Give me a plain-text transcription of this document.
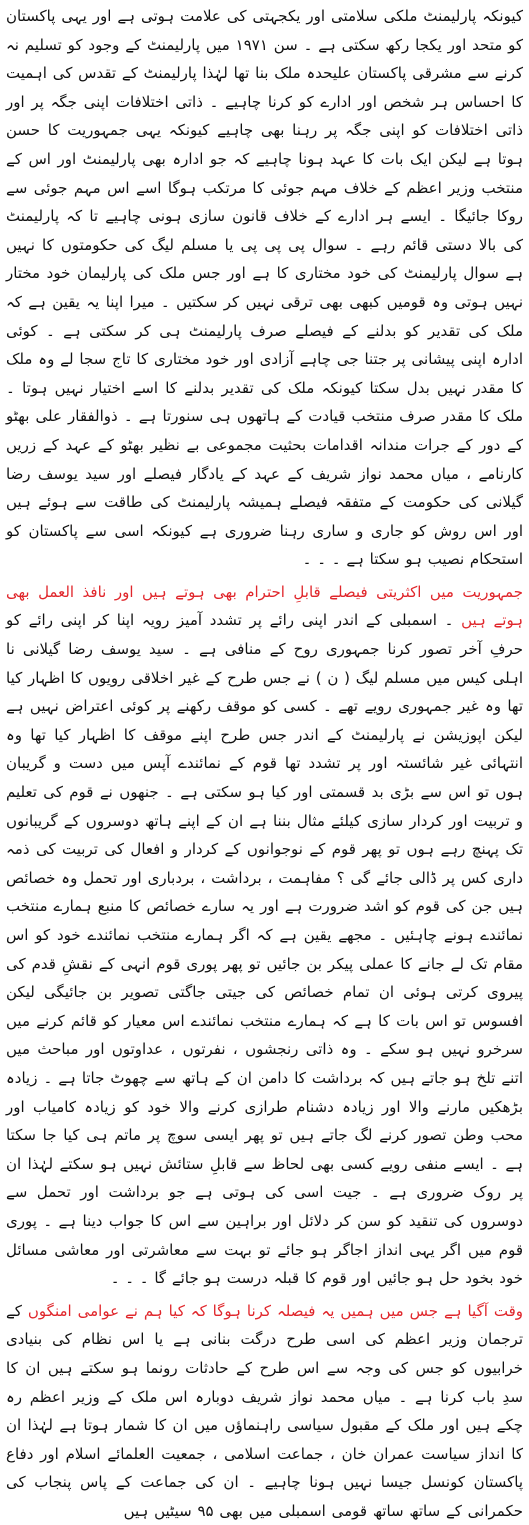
کیونکہ پارلیمنٹ ملکی سلامتی اور یکجہتی کی علامت ہوتی ہے اور یہی پاکستان کو متحد اور یکجا رکھ سکتی ہے ۔ سن ۱۹۷۱ میں پارلیمنٹ کے وجود کو تسلیم نہ کرنے سے مشرقی پاکستان علیحدہ ملک بنا تھا لہٰذا پارلیمنٹ کے تقدس کی اہمیت کا احساس ہر شخص اور ادارے کو کرنا چاہیے ۔ ذاتی اختلافات اپنی جگہ پر اور ذاتی اختلافات کو اپنی جگہ پر رہنا بھی چاہیے کیونکہ یہی جمہوریت کا حسن ہوتا ہے لیکن ایک بات کا عہد ہونا چاہیے کہ جو ادارہ بھی پارلیمنٹ اور اس کے منتخب وزیر اعظم کے خلاف مہم جوئی کا مرتکب ہوگا اسے اس مہم جوئی سے روکا جائیگا ۔ ایسے ہر ادارے کے خلاف قانون سازی ہونی چاہیے تا کہ پارلیمنٹ کی بالا دستی قائم رہے ۔ سوال پی پی پی یا مسلم لیگ کی حکومتوں کا نہیں ہے سوال پارلیمنٹ کی خود مختاری کا ہے اور جس ملک کی پارلیمان خود مختار نہیں ہوتی وہ قومیں کبھی بھی ترقی نہیں کر سکتیں ۔ میرا اپنا یہ یقین ہے کہ ملک کی تقدیر کو بدلنے کے فیصلے صرف پارلیمنٹ ہی کر سکتی ہے ۔ کوئی ادارہ اپنی پیشانی پر جتنا جی چاہے آزادی اور خود مختاری کا تاج سجا لے وہ ملک کا مقدر نہیں بدل سکتا کیونکہ ملک کی تقدیر بدلنے کا اسے اختیار نہیں ہوتا ۔ ملک کا مقدر صرف منتخب قیادت کے ہاتھوں ہی سنورتا ہے ۔ ذوالفقار علی بھٹو کے دور کے جرات مندانہ اقدامات بحثیت مجموعی بے نظیر بھٹو کے عہد کے زریں کارنامے ، میاں محمد نواز شریف کے عہد کے یادگار فیصلے اور سید یوسف رضا گیلانی کی حکومت کے متفقہ فیصلے ہمیشہ پارلیمنٹ کی طاقت سے ہوئے ہیں اور اس روش کو جاری و ساری رہنا ضروری ہے کیونکہ اسی سے پاکستان کو استحکام نصیب ہو سکتا ہے ۔ ۔ ۔

جمہوریت میں اکثریتی فیصلے قابلِ احترام بھی ہوتے ہیں اور نافذ العمل بھی ہوتے ہیں ۔ اسمبلی کے اندر اپنی رائے پر تشدد آمیز رویہ اپنا کر اپنی رائے کو حرفِ آخر تصور کرنا جمہوری روح کے منافی ہے ۔ سید یوسف رضا گیلانی نا اہلی کیس میں مسلم لیگ ( ن ) نے جس طرح کے غیر اخلاقی رویوں کا اظہار کیا تھا وہ غیر جمہوری رویے تھے ۔ کسی کو موقف رکھنے پر کوئی اعتراض نہیں ہے لیکن اپوزیشن نے پارلیمنٹ کے اندر جس طرح اپنے موقف کا اظہار کیا تھا وہ انتہائی غیر شائستہ اور پر تشدد تھا قوم کے نمائندے آپس میں دست و گریبان ہوں تو اس سے بڑی بد قسمتی اور کیا ہو سکتی ہے ۔ جنھوں نے قوم کی تعلیم و تربیت اور کردار سازی کیلئے مثال بننا ہے ان کے اپنے ہاتھ دوسروں کے گریبانوں تک پہنچ رہے ہوں تو پھر قوم کے نوجوانوں کے کردار و افعال کی تربیت کی ذمہ داری کس پر ڈالی جائے گی ؟ مفاہمت ، برداشت ، بردباری اور تحمل وہ خصائص ہیں جن کی قوم کو اشد ضرورت ہے اور یہ سارے خصائص کا منبع ہمارے منتخب نمائندے ہونے چاہئیں ۔ مجھے یقین ہے کہ اگر ہمارے منتخب نمائندے خود کو اس مقام تک لے جانے کا عملی پیکر بن جائیں تو پھر پوری قوم انہی کے نقشِ قدم کی پیروی کرتی ہوئی ان تمام خصائص کی جیتی جاگتی تصویر بن جائیگی لیکن افسوس تو اس بات کا ہے کہ ہمارے منتخب نمائندے اس معیار کو قائم کرنے میں سرخرو نہیں ہو سکے ۔ وہ ذاتی رنجشوں ، نفرتوں ، عداوتوں اور مباحث میں اتنے تلخ ہو جاتے ہیں کہ برداشت کا دامن ان کے ہاتھ سے چھوٹ جاتا ہے ۔ زیادہ بڑھکیں مارنے والا اور زیادہ دشنام طرازی کرنے والا خود کو زیادہ کامیاب اور محب وطن تصور کرنے لگ جاتے ہیں تو پھر ایسی سوچ پر ماتم ہی کیا جا سکتا ہے ۔ ایسے منفی رویے کسی بھی لحاظ سے قابلِ ستائش نہیں ہو سکتے لہٰذا ان پر روک ضروری ہے ۔ جیت اسی کی ہوتی ہے جو برداشت اور تحمل سے دوسروں کی تنقید کو سن کر دلائل اور براہین سے اس کا جواب دینا ہے ۔ پوری قوم میں اگر یہی انداز اجاگر ہو جائے تو بہت سے معاشرتی اور معاشی مسائل خود بخود حل ہو جائیں اور قوم کا قبلہ درست ہو جائے گا ۔ ۔ ۔

وقت آگیا ہے جس میں ہمیں یہ فیصلہ کرنا ہوگا کہ کیا ہم نے عوامی امنگوں کے ترجمان وزیر اعظم کی اسی طرح درگت بنانی ہے یا اس نظام کی بنیادی خرابیوں کو جس کی وجہ سے اس طرح کے حادثات رونما ہو سکتے ہیں ان کا سدِ باب کرنا ہے ۔ میاں محمد نواز شریف دوبارہ اس ملک کے وزیر اعظم رہ چکے ہیں اور ملک کے مقبول سیاسی راہنماؤں میں ان کا شمار ہوتا ہے لہٰذا ان کا انداز سیاست عمران خان ، جماعت اسلامی ، جمعیت العلمائے اسلام اور دفاع پاکستان کونسل جیسا نہیں ہونا چاہیے ۔ ان کی جماعت کے پاس پنجاب کی حکمرانی کے ساتھ ساتھ قومی اسمبلی میں بھی ۹۵ سیٹیں ہیں
